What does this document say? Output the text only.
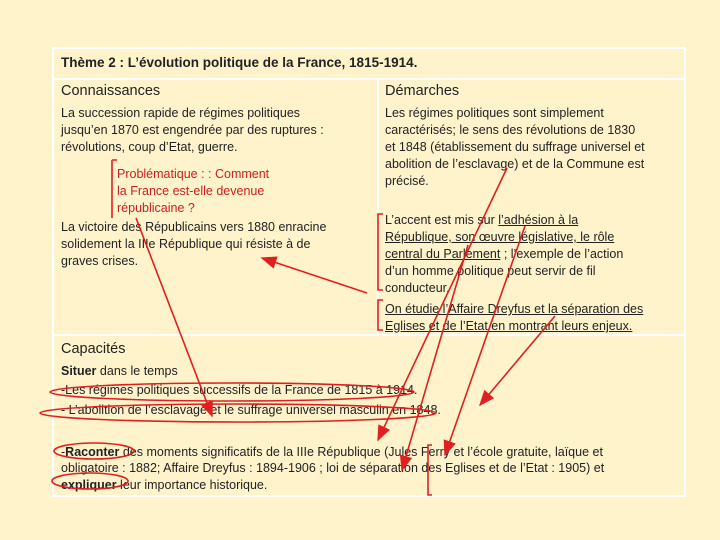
Thème 2 : L’évolution politique de la France, 1815-1914.
Connaissances
La succession rapide de régimes politiques
jusqu’en 1870 est engendrée par des ruptures :
révolutions, coup d’Etat, guerre.
Problématique : : Comment
la France est-elle devenue
républicaine ?
La victoire des Républicains vers 1880 enracine
solidement la IIIe République qui résiste à de
graves crises.
Démarches
Les régimes politiques sont simplement
caractérisés; le sens des révolutions de 1830
et 1848 (établissement du suffrage universel et
abolition de l’esclavage) et de la Commune est
précisé.
L’accent est mis sur l’adhésion à la
République, son œuvre législative, le rôle
central du Parlement ; l’exemple de l’action
d’un homme politique peut servir de fil
conducteur.
On étudie l’Affaire Dreyfus et la séparation des
Eglises et de l’Etat en montrant leurs enjeux.
Capacités
Situer dans le temps
-Les régimes politiques successifs de la France de 1815 à 1914.
- L’abolition de l’esclavage et le suffrage universel masculin en 1848.
-Raconter des moments significatifs de la IIIe République (Jules Ferry et l’école gratuite, laïque et
obligatoire : 1882; Affaire Dreyfus : 1894-1906 ; loi de séparation des Eglises et de l’Etat : 1905) et
expliquer leur importance historique.
